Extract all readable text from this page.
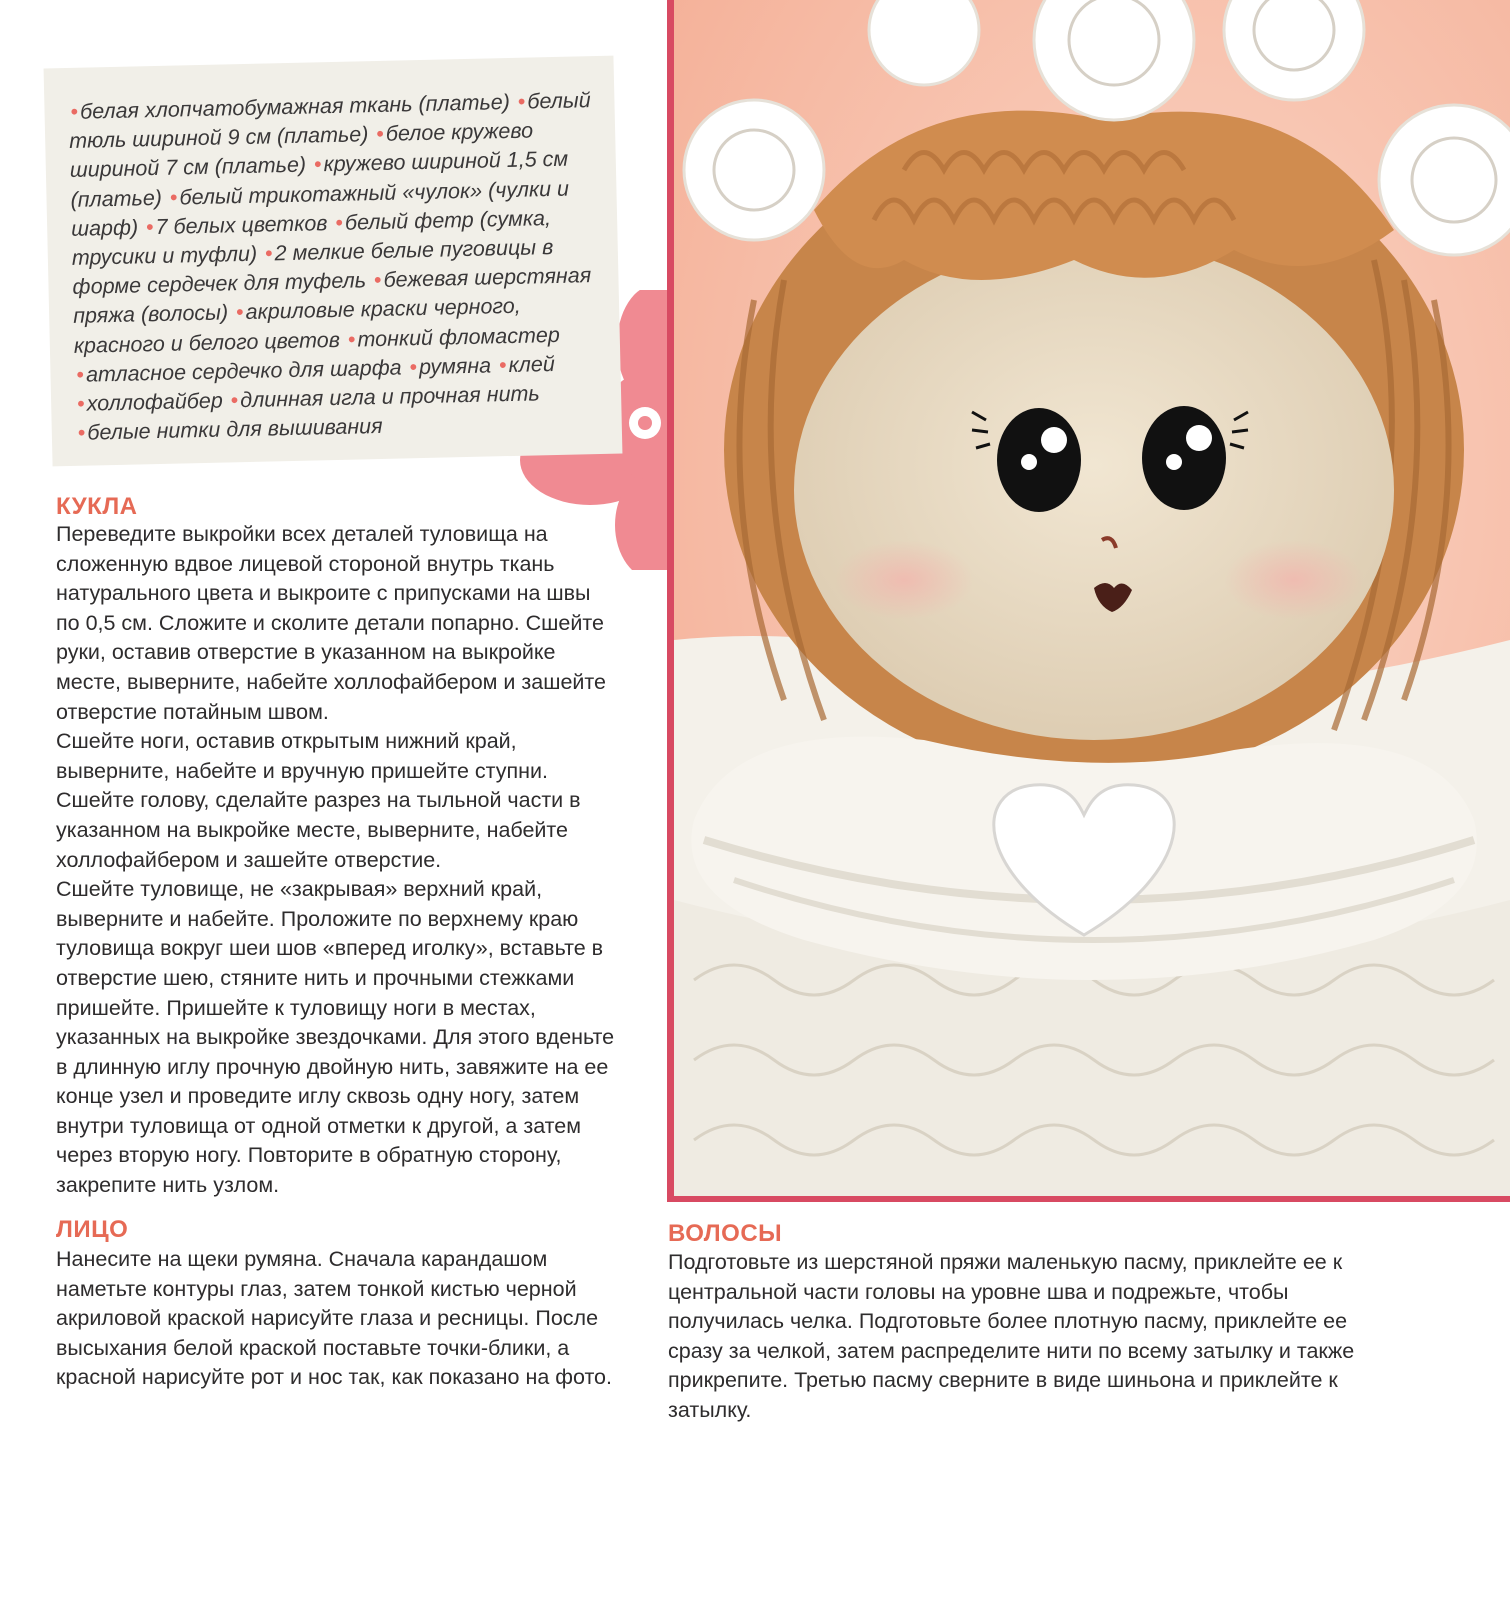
•белая хлопчатобумажная ткань (платье) •белый тюль шириной 9 см (платье) •белое кружево шириной 7 см (платье) •кружево шириной 1,5 см (платье) •белый трикотажный «чулок» (чулки и шарф) •7 белых цветков •белый фетр (сумка, трусики и туфли) •2 мелкие белые пуговицы в форме сердечек для туфель •бежевая шерстяная пряжа (волосы) •акриловые краски черного, красного и белого цветов •тонкий фломастер •атласное сердечко для шарфа •румяна •клей •холлофайбер •длинная игла и прочная нить •белые нитки для вышивания
КУКЛА

Переведите выкройки всех деталей туловища на сложенную вдвое лицевой стороной внутрь ткань натурального цвета и выкроите с припусками на швы по 0,5 см. Сложите и сколите детали попарно. Сшейте руки, оставив отверстие в указанном на выкройке месте, выверните, набейте холлофайбером и зашейте отверстие потайным швом.

Сшейте ноги, оставив открытым нижний край, выверните, набейте и вручную пришейте ступни.

Сшейте голову, сделайте разрез на тыльной части в указанном на выкройке месте, выверните, набейте холлофайбером и зашейте отверстие.

Сшейте туловище, не «закрывая» верхний край, выверните и набейте. Проложите по верхнему краю туловища вокруг шеи шов «вперед иголку», вставьте в отверстие шею, стяните нить и прочными стежками пришейте. Пришейте к туловищу ноги в местах, указанных на выкройке звездочками. Для этого вденьте в длинную иглу прочную двойную нить, завяжите на ее конце узел и проведите иглу сквозь одну ногу, затем внутри туловища от одной отметки к другой, а затем через вторую ногу. Повторите в обратную сторону, закрепите нить узлом.

ЛИЦО

Нанесите на щеки румяна. Сначала карандашом наметьте контуры глаз, затем тонкой кистью черной акриловой краской нарисуйте глаза и ресницы. После высыхания белой краской поставьте точки-блики, а красной нарисуйте рот и нос так, как показано на фото.

ВОЛОСЫ

Подготовьте из шерстяной пряжи маленькую пасму, приклейте ее к центральной части головы на уровне шва и подрежьте, чтобы получилась челка. Подготовьте более плотную пасму, приклейте ее сразу за челкой, затем распределите нити по всему затылку и также прикрепите. Третью пасму сверните в виде шиньона и приклейте к затылку.
